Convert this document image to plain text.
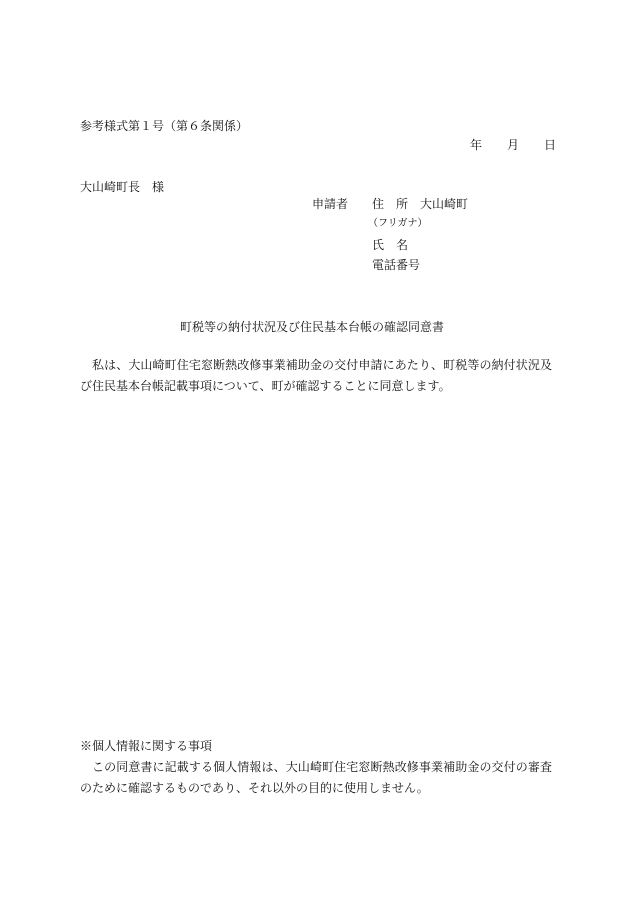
参考様式第１号（第６条関係）
年 月 日
大山崎町長　様
申請者 住　所 大山崎町
（フリガナ）
氏　名
電話番号
町税等の納付状況及び住民基本台帳の確認同意書
私は、大山崎町住宅窓断熱改修事業補助金の交付申請にあたり、町税等の納付状況及び住民基本台帳記載事項について、町が確認することに同意します。
※個人情報に関する事項
この同意書に記載する個人情報は、大山崎町住宅窓断熱改修事業補助金の交付の審査のために確認するものであり、それ以外の目的に使用しません。
